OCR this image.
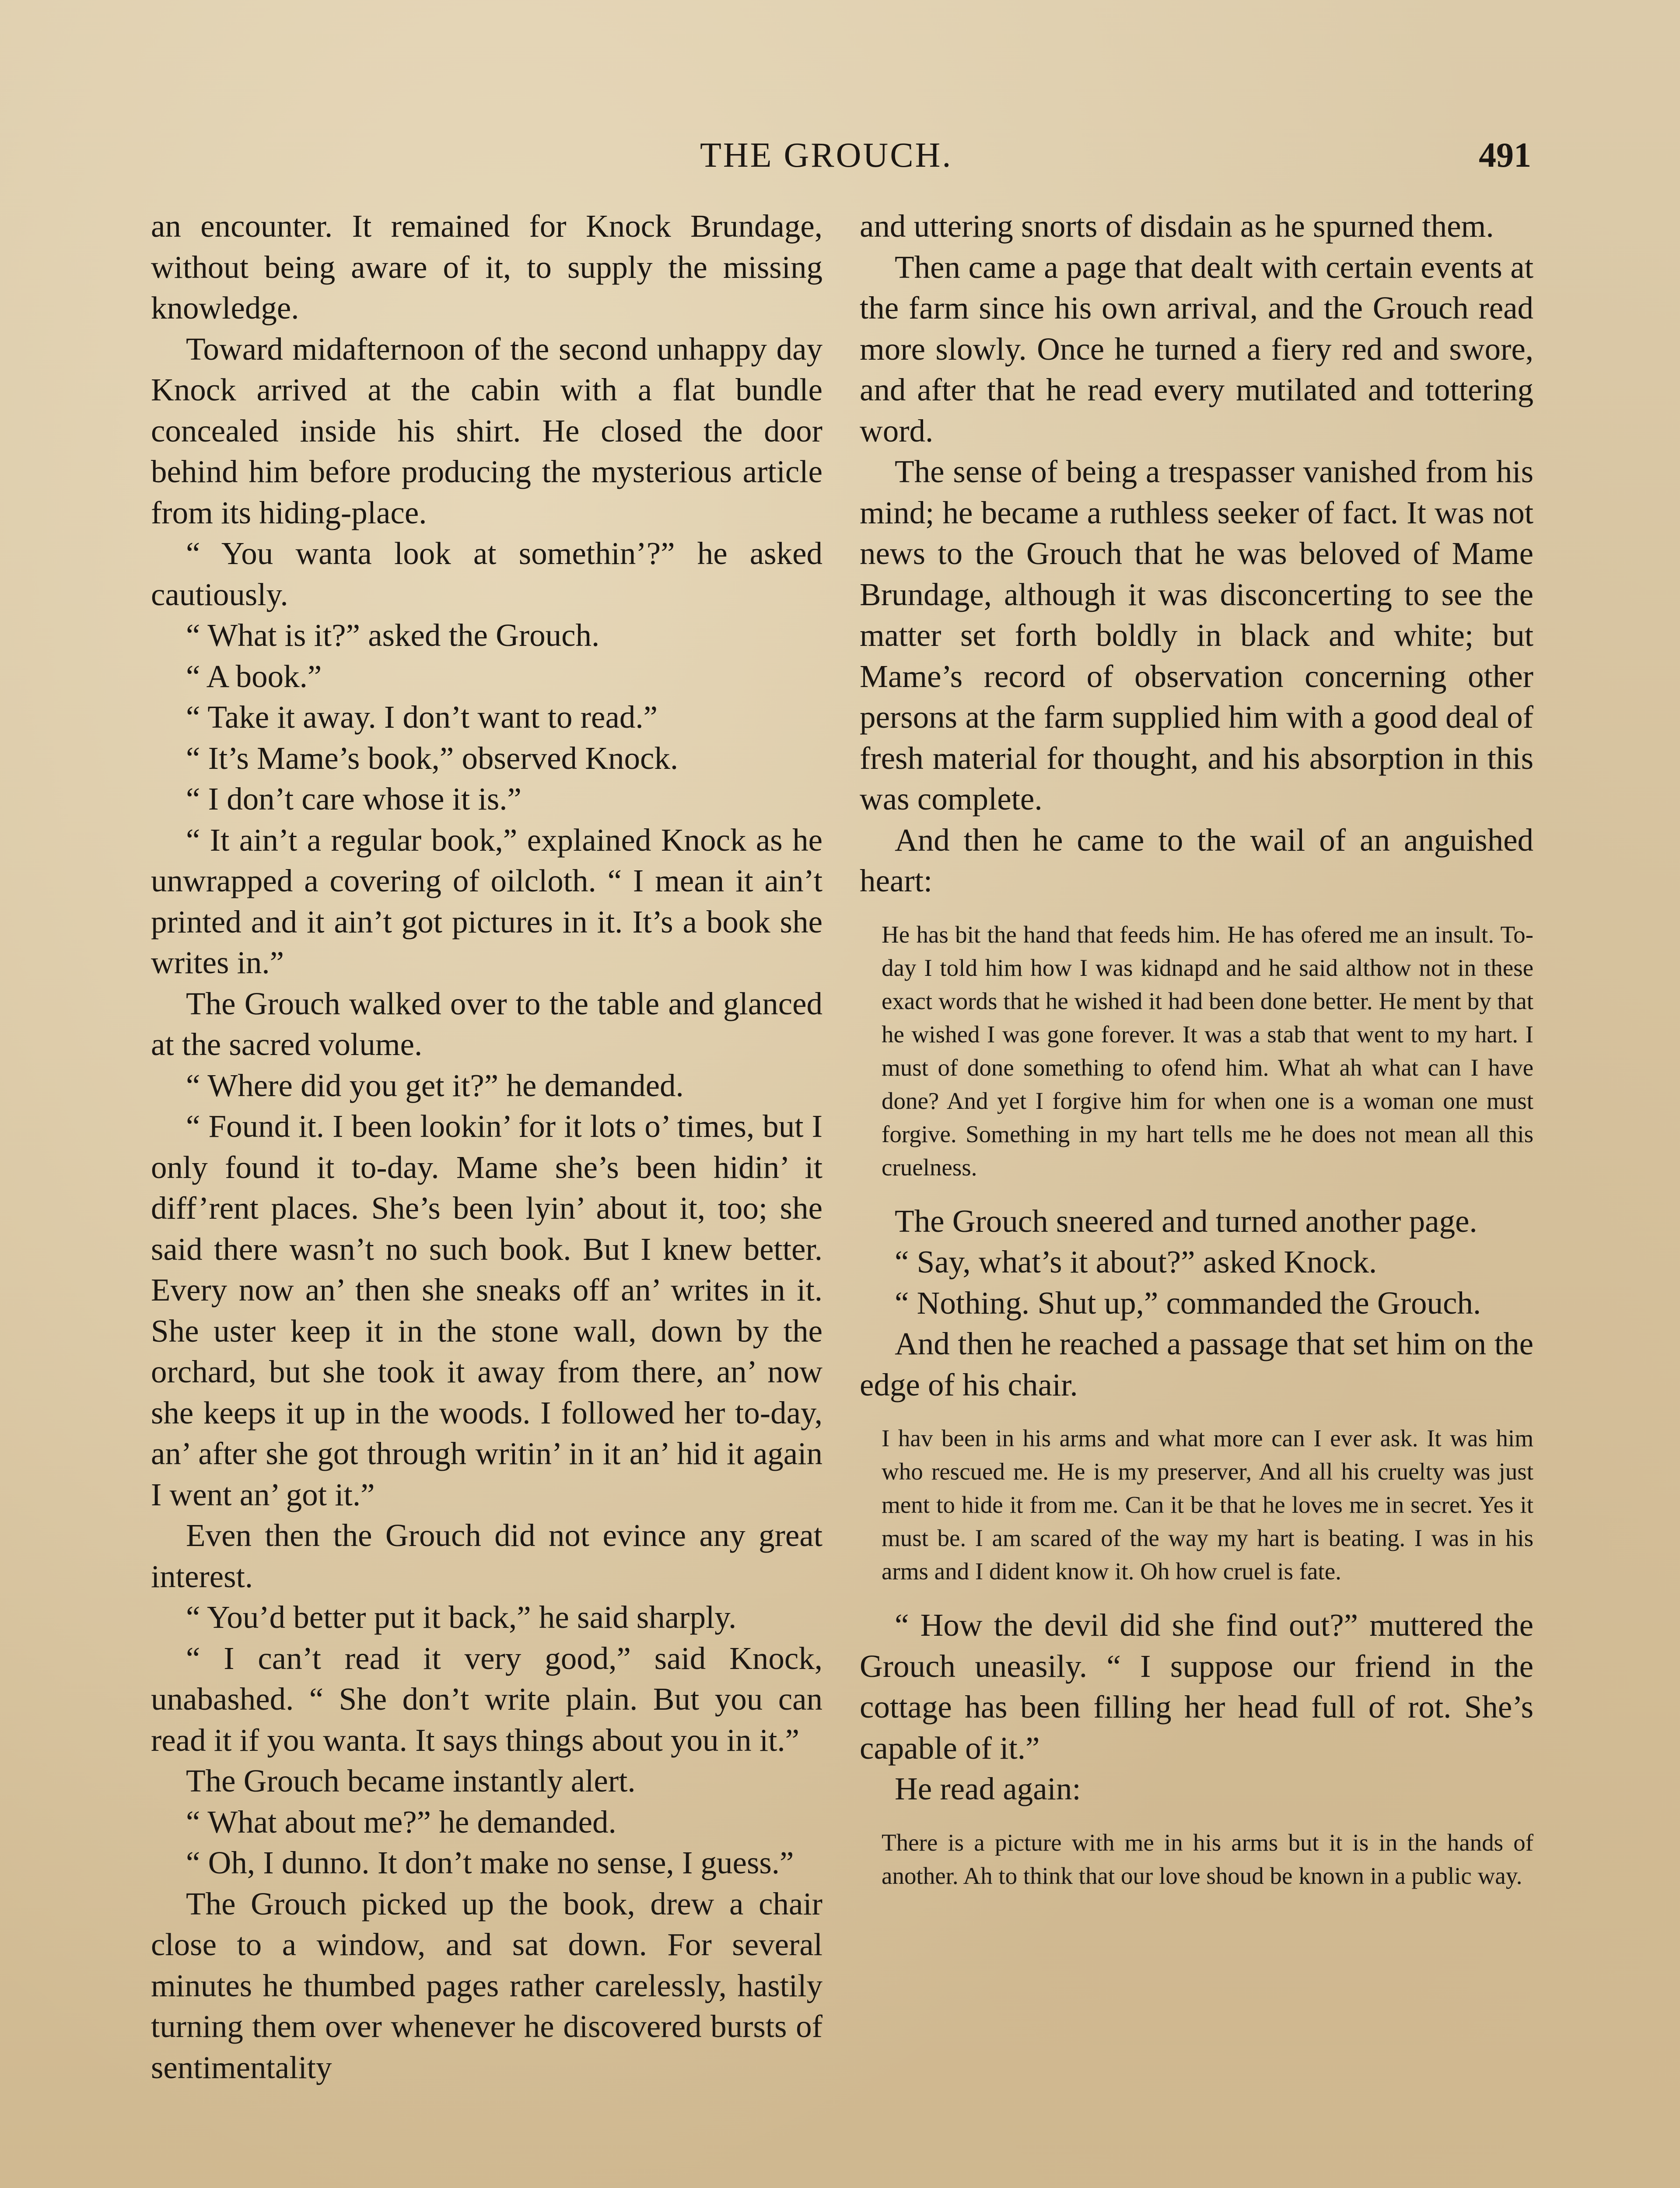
THE GROUCH.	491

an encounter. It remained for Knock Brundage, without being aware of it, to supply the missing knowledge.

Toward midafternoon of the second unhappy day Knock arrived at the cabin with a flat bundle concealed inside his shirt. He closed the door behind him before producing the mysterious article from its hiding-place.

“ You wanta look at somethin’?” he asked cautiously.

“ What is it?” asked the Grouch.

“ A book.”

“ Take it away. I don’t want to read.”

“ It’s Mame’s book,” observed Knock.

“ I don’t care whose it is.”

“ It ain’t a regular book,” explained Knock as he unwrapped a covering of oilcloth. “ I mean it ain’t printed and it ain’t got pictures in it. It’s a book she writes in.”

The Grouch walked over to the table and glanced at the sacred volume.

“ Where did you get it?” he demanded.

“ Found it. I been lookin’ for it lots o’ times, but I only found it to-day. Mame she’s been hidin’ it diff’rent places. She’s been lyin’ about it, too; she said there wasn’t no such book. But I knew better. Every now an’ then she sneaks off an’ writes in it. She uster keep it in the stone wall, down by the orchard, but she took it away from there, an’ now she keeps it up in the woods. I followed her to-day, an’ after she got through writin’ in it an’ hid it again I went an’ got it.”

Even then the Grouch did not evince any great interest.

“ You’d better put it back,” he said sharply.

“ I can’t read it very good,” said Knock, unabashed. “ She don’t write plain. But you can read it if you wanta. It says things about you in it.”

The Grouch became instantly alert.

“ What about me?” he demanded.

“ Oh, I dunno. It don’t make no sense, I guess.”

The Grouch picked up the book, drew a chair close to a window, and sat down. For several minutes he thumbed pages rather carelessly, hastily turning them over whenever he discovered bursts of sentimentality

and uttering snorts of disdain as he spurned them.

Then came a page that dealt with certain events at the farm since his own arrival, and the Grouch read more slowly. Once he turned a fiery red and swore, and after that he read every mutilated and tottering word.

The sense of being a trespasser vanished from his mind; he became a ruthless seeker of fact. It was not news to the Grouch that he was beloved of Mame Brundage, although it was disconcerting to see the matter set forth boldly in black and white; but Mame’s record of observation concerning other persons at the farm supplied him with a good deal of fresh material for thought, and his absorption in this was complete.

And then he came to the wail of an anguished heart:

He has bit the hand that feeds him. He has ofered me an insult. To-day I told him how I was kidnapd and he said althow not in these exact words that he wished it had been done better. He ment by that he wished I was gone forever. It was a stab that went to my hart. I must of done something to ofend him. What ah what can I have done? And yet I forgive him for when one is a woman one must forgive. Something in my hart tells me he does not mean all this cruelness.

The Grouch sneered and turned another page.

“ Say, what’s it about?” asked Knock.

“ Nothing. Shut up,” commanded the Grouch.

And then he reached a passage that set him on the edge of his chair.

I hav been in his arms and what more can I ever ask. It was him who rescued me. He is my preserver, And all his cruelty was just ment to hide it from me. Can it be that he loves me in secret. Yes it must be. I am scared of the way my hart is beating. I was in his arms and I dident know it. Oh how cruel is fate.

“ How the devil did she find out?” muttered the Grouch uneasily. “ I suppose our friend in the cottage has been filling her head full of rot. She’s capable of it.”

He read again:

There is a picture with me in his arms but it is in the hands of another. Ah to think that our love shoud be known in a public way.
